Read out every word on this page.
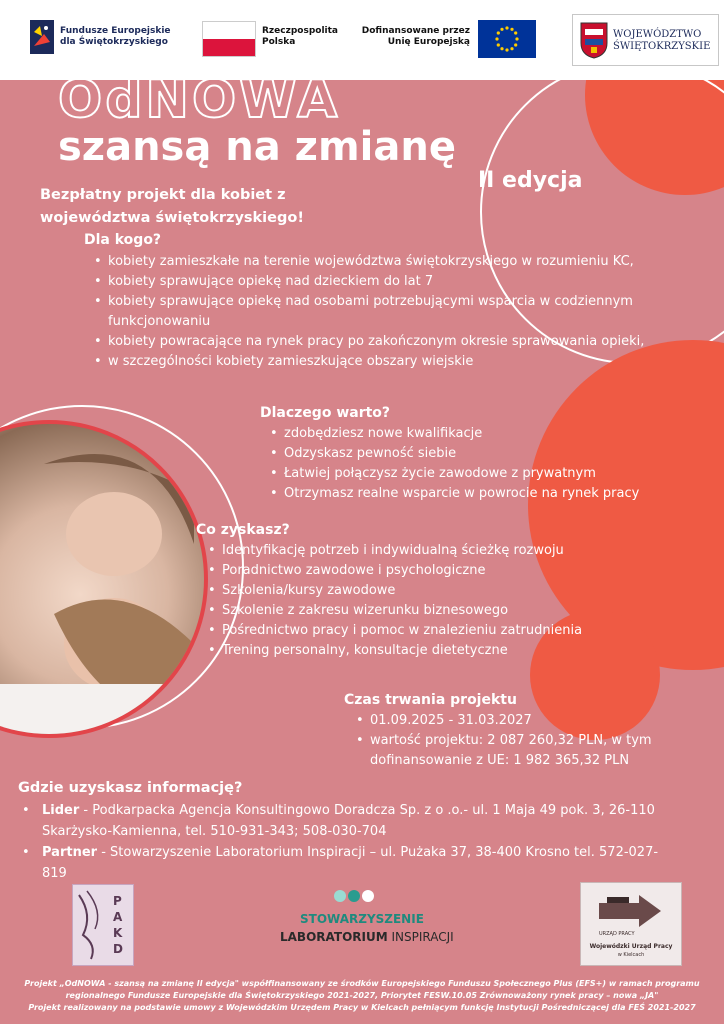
Fundusze Europejskie
dla Świętokrzyskiego
Rzeczpospolita
Polska
Dofinansowane przez
Unię Europejską
WOJEWÓDZTWO
ŚWIĘTOKRZYSKIE
OdNOWA
szansą na zmianę
II edycja
Bezpłatny projekt dla kobiet z województwa świętokrzyskiego!
Dla kogo?
• kobiety zamieszkałe na terenie województwa świętokrzyskiego w rozumieniu KC,
• kobiety sprawujące opiekę nad dzieckiem do lat 7
• kobiety sprawujące opiekę nad osobami potrzebującymi wsparcia w codziennym funkcjonowaniu
• kobiety powracające na rynek pracy po zakończonym okresie sprawowania opieki,
• w szczególności kobiety zamieszkujące obszary wiejskie
Dlaczego warto?
• zdobędziesz nowe kwalifikacje
• Odzyskasz pewność siebie
• Łatwiej połączysz życie zawodowe z prywatnym
• Otrzymasz realne wsparcie w powrocie na rynek pracy
Co zyskasz?
• Identyfikację potrzeb i indywidualną ścieżkę rozwoju
• Poradnictwo zawodowe i psychologiczne
• Szkolenia/kursy zawodowe
• Szkolenie z zakresu wizerunku biznesowego
• Pośrednictwo pracy i pomoc w znalezieniu zatrudnienia
• Trening personalny, konsultacje dietetyczne
Czas trwania projektu
• 01.09.2025 - 31.03.2027
• wartość projektu: 2 087 260,32 PLN, w tym dofinansowanie z UE: 1 982 365,32 PLN
Gdzie uzyskasz informację?
• Lider - Podkarpacka Agencja Konsultingowo Doradcza Sp. z o .o.- ul. 1 Maja 49 pok. 3, 26-110 Skarżysko-Kamienna, tel. 510-931-343; 508-030-704
• Partner - Stowarzyszenie Laboratorium Inspiracji – ul. Pużaka 37, 38-400 Krosno tel. 572-027-819
PAKD
STOWARZYSZENIE
LABORATORIUM INSPIRACJI	URZĄD PRACY
Wojewódzki Urząd Pracy
w Kielcach

Projekt „OdNOWA - szansą na zmianę II edycja" współfinansowany ze środków Europejskiego Funduszu Społecznego Plus (EFS+) w ramach programu

regionalnego Fundusze Europejskie dla Świętokrzyskiego 2021-2027, Priorytet FESW.10.05 Zrównoważony rynek pracy – nowa „JA"

Projekt realizowany na podstawie umowy z Wojewódzkim Urzędem Pracy w Kielcach pełniącym funkcję Instytucji Pośredniczącej dla FEŚ 2021-2027
